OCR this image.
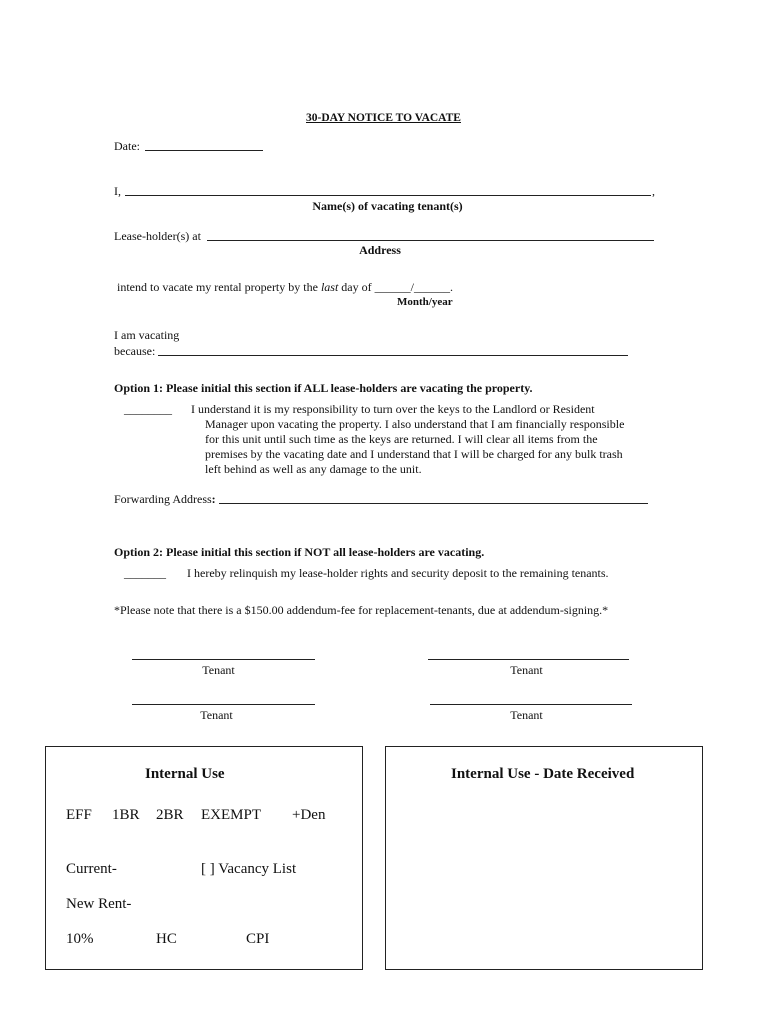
30-DAY NOTICE TO VACATE
Date:
I,	,
Name(s) of vacating tenant(s)
Lease-holder(s) at
Address
intend to vacate my rental property by the last day of ______/______.
Month/year
I am vacating
because:
Option 1: Please initial this section if ALL lease-holders are vacating the property.
________ I understand it is my responsibility to turn over the keys to the Landlord or Resident
Manager upon vacating the property. I also understand that I am financially responsible
for this unit until such time as the keys are returned. I will clear all items from the
premises by the vacating date and I understand that I will be charged for any bulk trash
left behind as well as any damage to the unit.
Forwarding Address:
Option 2: Please initial this section if NOT all lease-holders are vacating.
_______ I hereby relinquish my lease-holder rights and security deposit to the remaining tenants.
*Please note that there is a $150.00 addendum-fee for replacement-tenants, due at addendum-signing.*
Tenant	Tenant
Tenant	Tenant
Internal Use
EFF 1BR 2BR EXEMPT +Den
Current-	[ ] Vacancy List
New Rent-
10%	HC	CPI
Internal Use - Date Received
